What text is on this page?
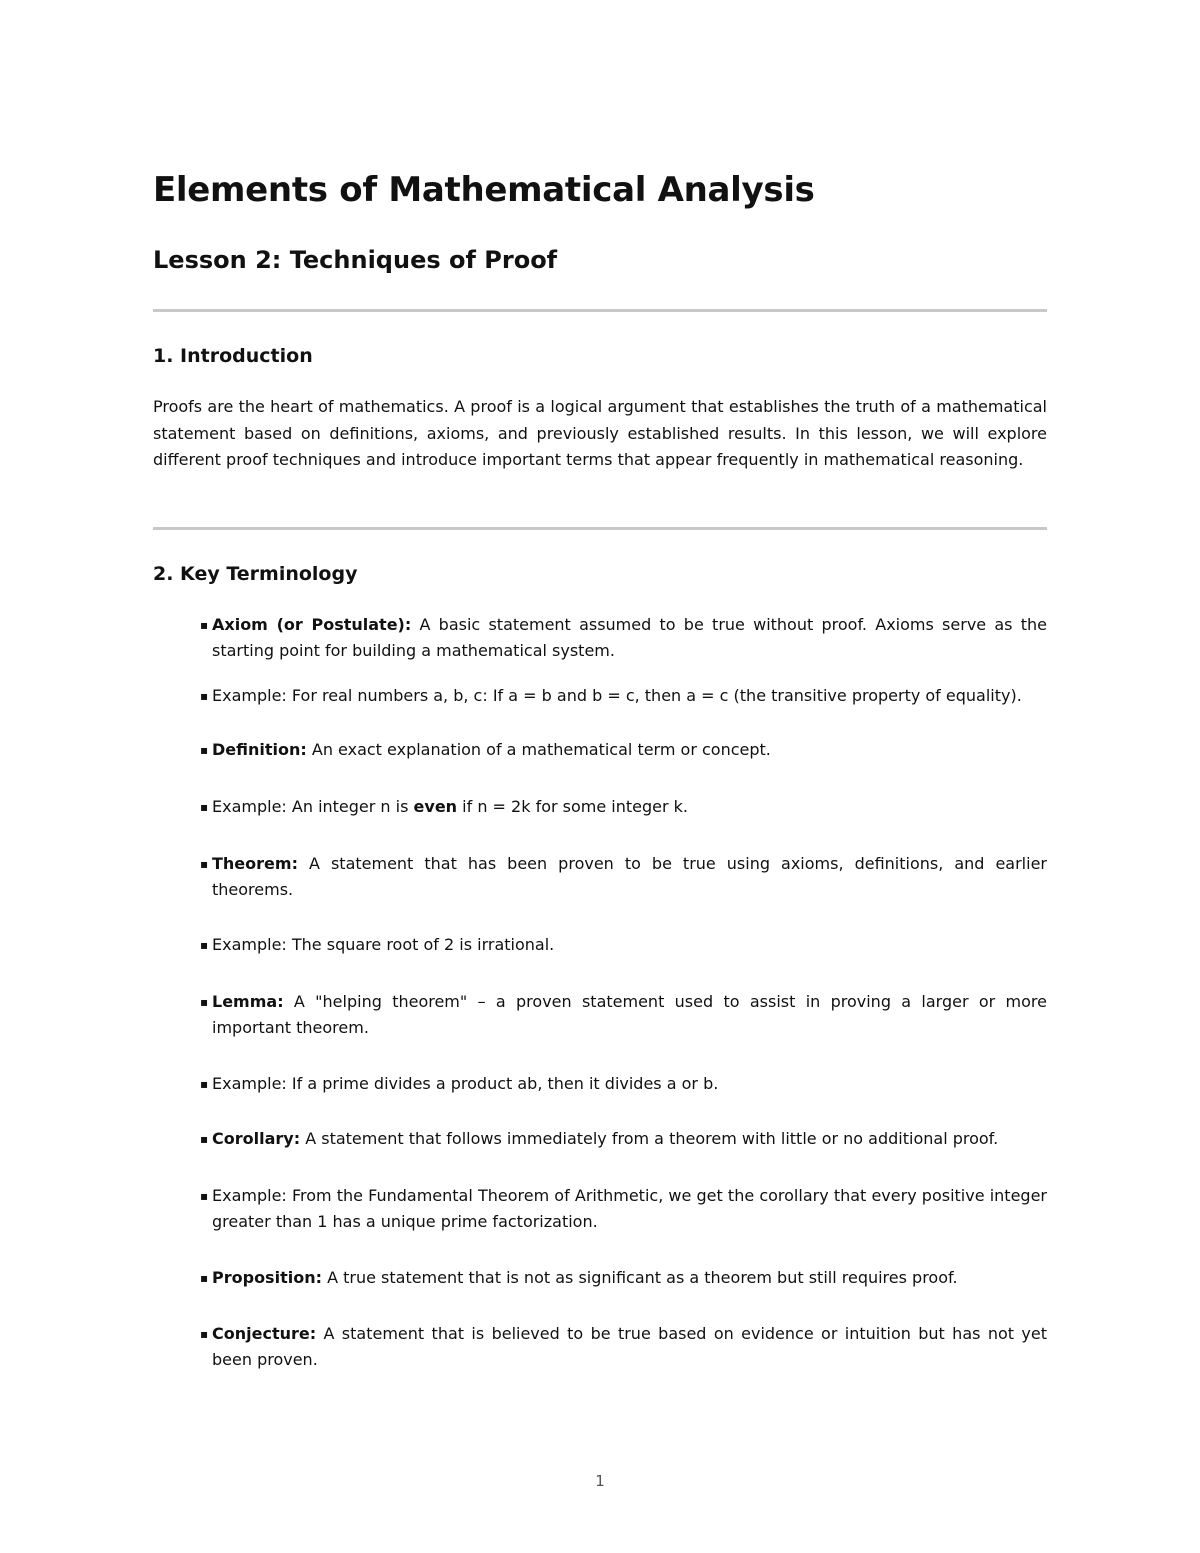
Elements of Mathematical Analysis
Lesson 2: Techniques of Proof
1. Introduction

Proofs are the heart of mathematics. A proof is a logical argument that establishes the truth of a mathematical statement based on definitions, axioms, and previously established results. In this lesson, we will explore different proof techniques and introduce important terms that appear frequently in mathematical reasoning.

2. Key Terminology
▪ Axiom (or Postulate): A basic statement assumed to be true without proof. Axioms serve as the starting point for building a mathematical system.
▪ Example: For real numbers a, b, c: If a = b and b = c, then a = c (the transitive property of equality).
▪ Definition: An exact explanation of a mathematical term or concept.
▪ Example: An integer n is even if n = 2k for some integer k.
▪ Theorem: A statement that has been proven to be true using axioms, definitions, and earlier theorems.
▪ Example: The square root of 2 is irrational.
▪ Lemma: A "helping theorem" – a proven statement used to assist in proving a larger or more important theorem.
▪ Example: If a prime divides a product ab, then it divides a or b.
▪ Corollary: A statement that follows immediately from a theorem with little or no additional proof.
▪ Example: From the Fundamental Theorem of Arithmetic, we get the corollary that every positive integer greater than 1 has a unique prime factorization.
▪ Proposition: A true statement that is not as significant as a theorem but still requires proof.
▪ Conjecture: A statement that is believed to be true based on evidence or intuition but has not yet been proven.
1
